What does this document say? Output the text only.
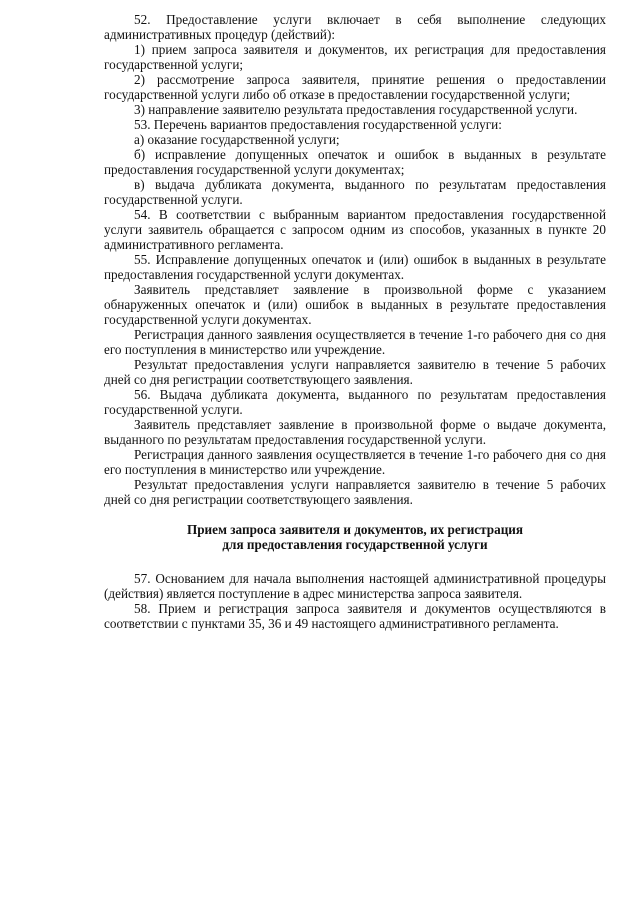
52. Предоставление услуги включает в себя выполнение следующих административных процедур (действий):

1) прием запроса заявителя и документов, их регистрация для предоставления государственной услуги;

2) рассмотрение запроса заявителя, принятие решения о предоставлении государственной услуги либо об отказе в предоставлении государственной услуги;

3) направление заявителю результата предоставления государственной услуги.

53. Перечень вариантов предоставления государственной услуги:

а) оказание государственной услуги;

б) исправление допущенных опечаток и ошибок в выданных в результате предоставления государственной услуги документах;

в) выдача дубликата документа, выданного по результатам предоставления государственной услуги.

54. В соответствии с выбранным вариантом предоставления государственной услуги заявитель обращается с запросом одним из способов, указанных в пункте 20 административного регламента.

55. Исправление допущенных опечаток и (или) ошибок в выданных в результате предоставления государственной услуги документах.

Заявитель представляет заявление в произвольной форме с указанием обнаруженных опечаток и (или) ошибок в выданных в результате предоставления государственной услуги документах.

Регистрация данного заявления осуществляется в течение 1-го рабочего дня со дня его поступления в министерство или учреждение.

Результат предоставления услуги направляется заявителю в течение 5 рабочих дней со дня регистрации соответствующего заявления.

56. Выдача дубликата документа, выданного по результатам предоставления государственной услуги.

Заявитель представляет заявление в произвольной форме о выдаче документа, выданного по результатам предоставления государственной услуги.

Регистрация данного заявления осуществляется в течение 1-го рабочего дня со дня его поступления в министерство или учреждение.

Результат предоставления услуги направляется заявителю в течение 5 рабочих дней со дня регистрации соответствующего заявления.

Прием запроса заявителя и документов, их регистрация
для предоставления государственной услуги

57. Основанием для начала выполнения настоящей административной процедуры (действия) является поступление в адрес министерства запроса заявителя.

58. Прием и регистрация запроса заявителя и документов осуществляются в соответствии с пунктами 35, 36 и 49 настоящего административного регламента.
